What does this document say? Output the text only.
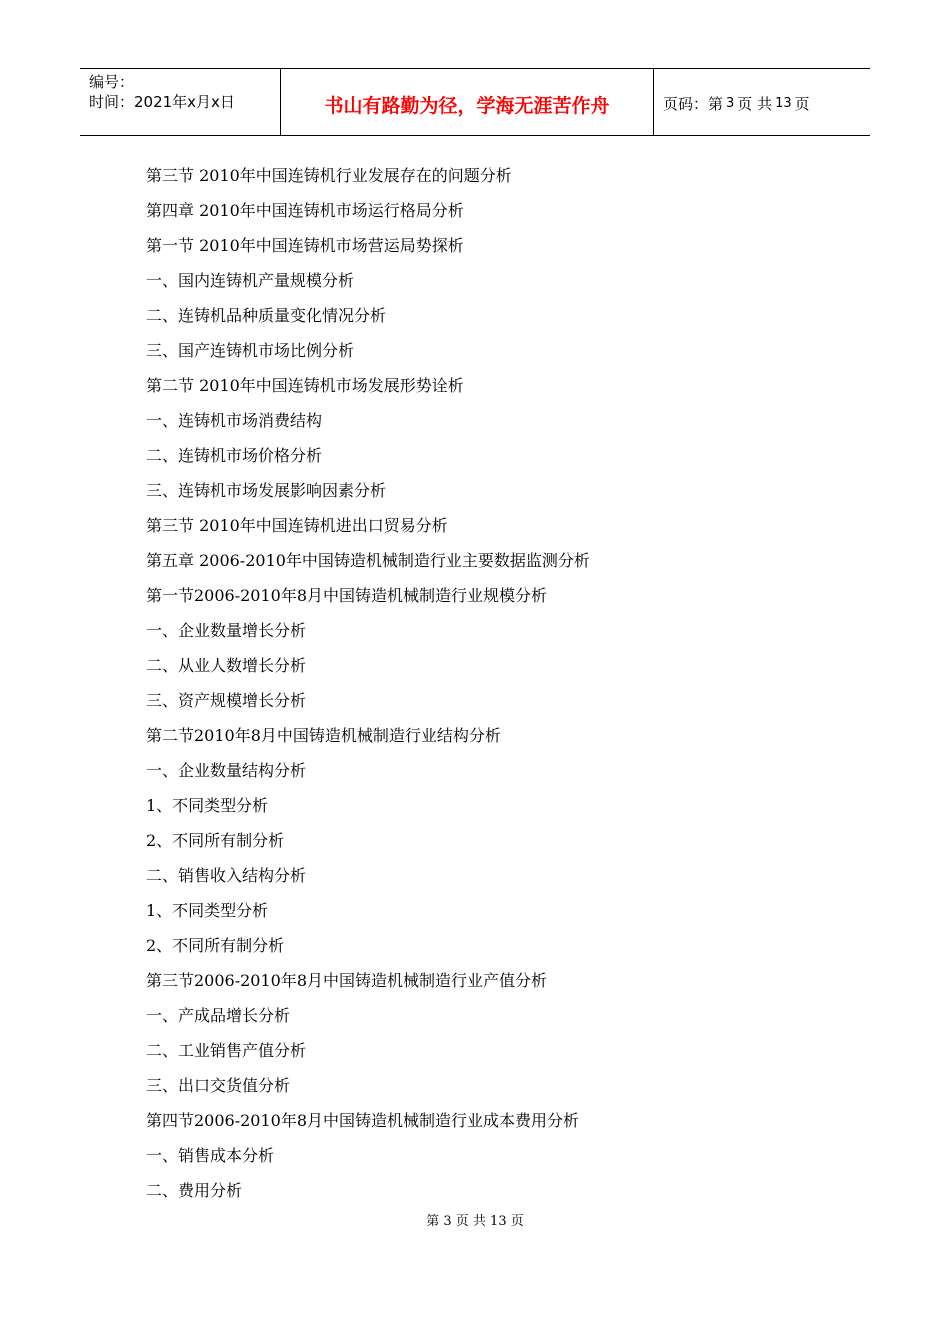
编号：
时间：2021年x月x日	书山有路勤为径，学海无涯苦作舟	页码：第 3 页 共 13 页
第三节 2010年中国连铸机行业发展存在的问题分析
第四章 2010年中国连铸机市场运行格局分析
第一节 2010年中国连铸机市场营运局势探析
一、国内连铸机产量规模分析
二、连铸机品种质量变化情况分析
三、国产连铸机市场比例分析
第二节 2010年中国连铸机市场发展形势诠析
一、连铸机市场消费结构
二、连铸机市场价格分析
三、连铸机市场发展影响因素分析
第三节 2010年中国连铸机进出口贸易分析
第五章 2006-2010年中国铸造机械制造行业主要数据监测分析
第一节2006-2010年8月中国铸造机械制造行业规模分析
一、企业数量增长分析
二、从业人数增长分析
三、资产规模增长分析
第二节2010年8月中国铸造机械制造行业结构分析
一、企业数量结构分析
1、不同类型分析
2、不同所有制分析
二、销售收入结构分析
1、不同类型分析
2、不同所有制分析
第三节2006-2010年8月中国铸造机械制造行业产值分析
一、产成品增长分析
二、工业销售产值分析
三、出口交货值分析
第四节2006-2010年8月中国铸造机械制造行业成本费用分析
一、销售成本分析
二、费用分析
第 3 页 共 13 页
